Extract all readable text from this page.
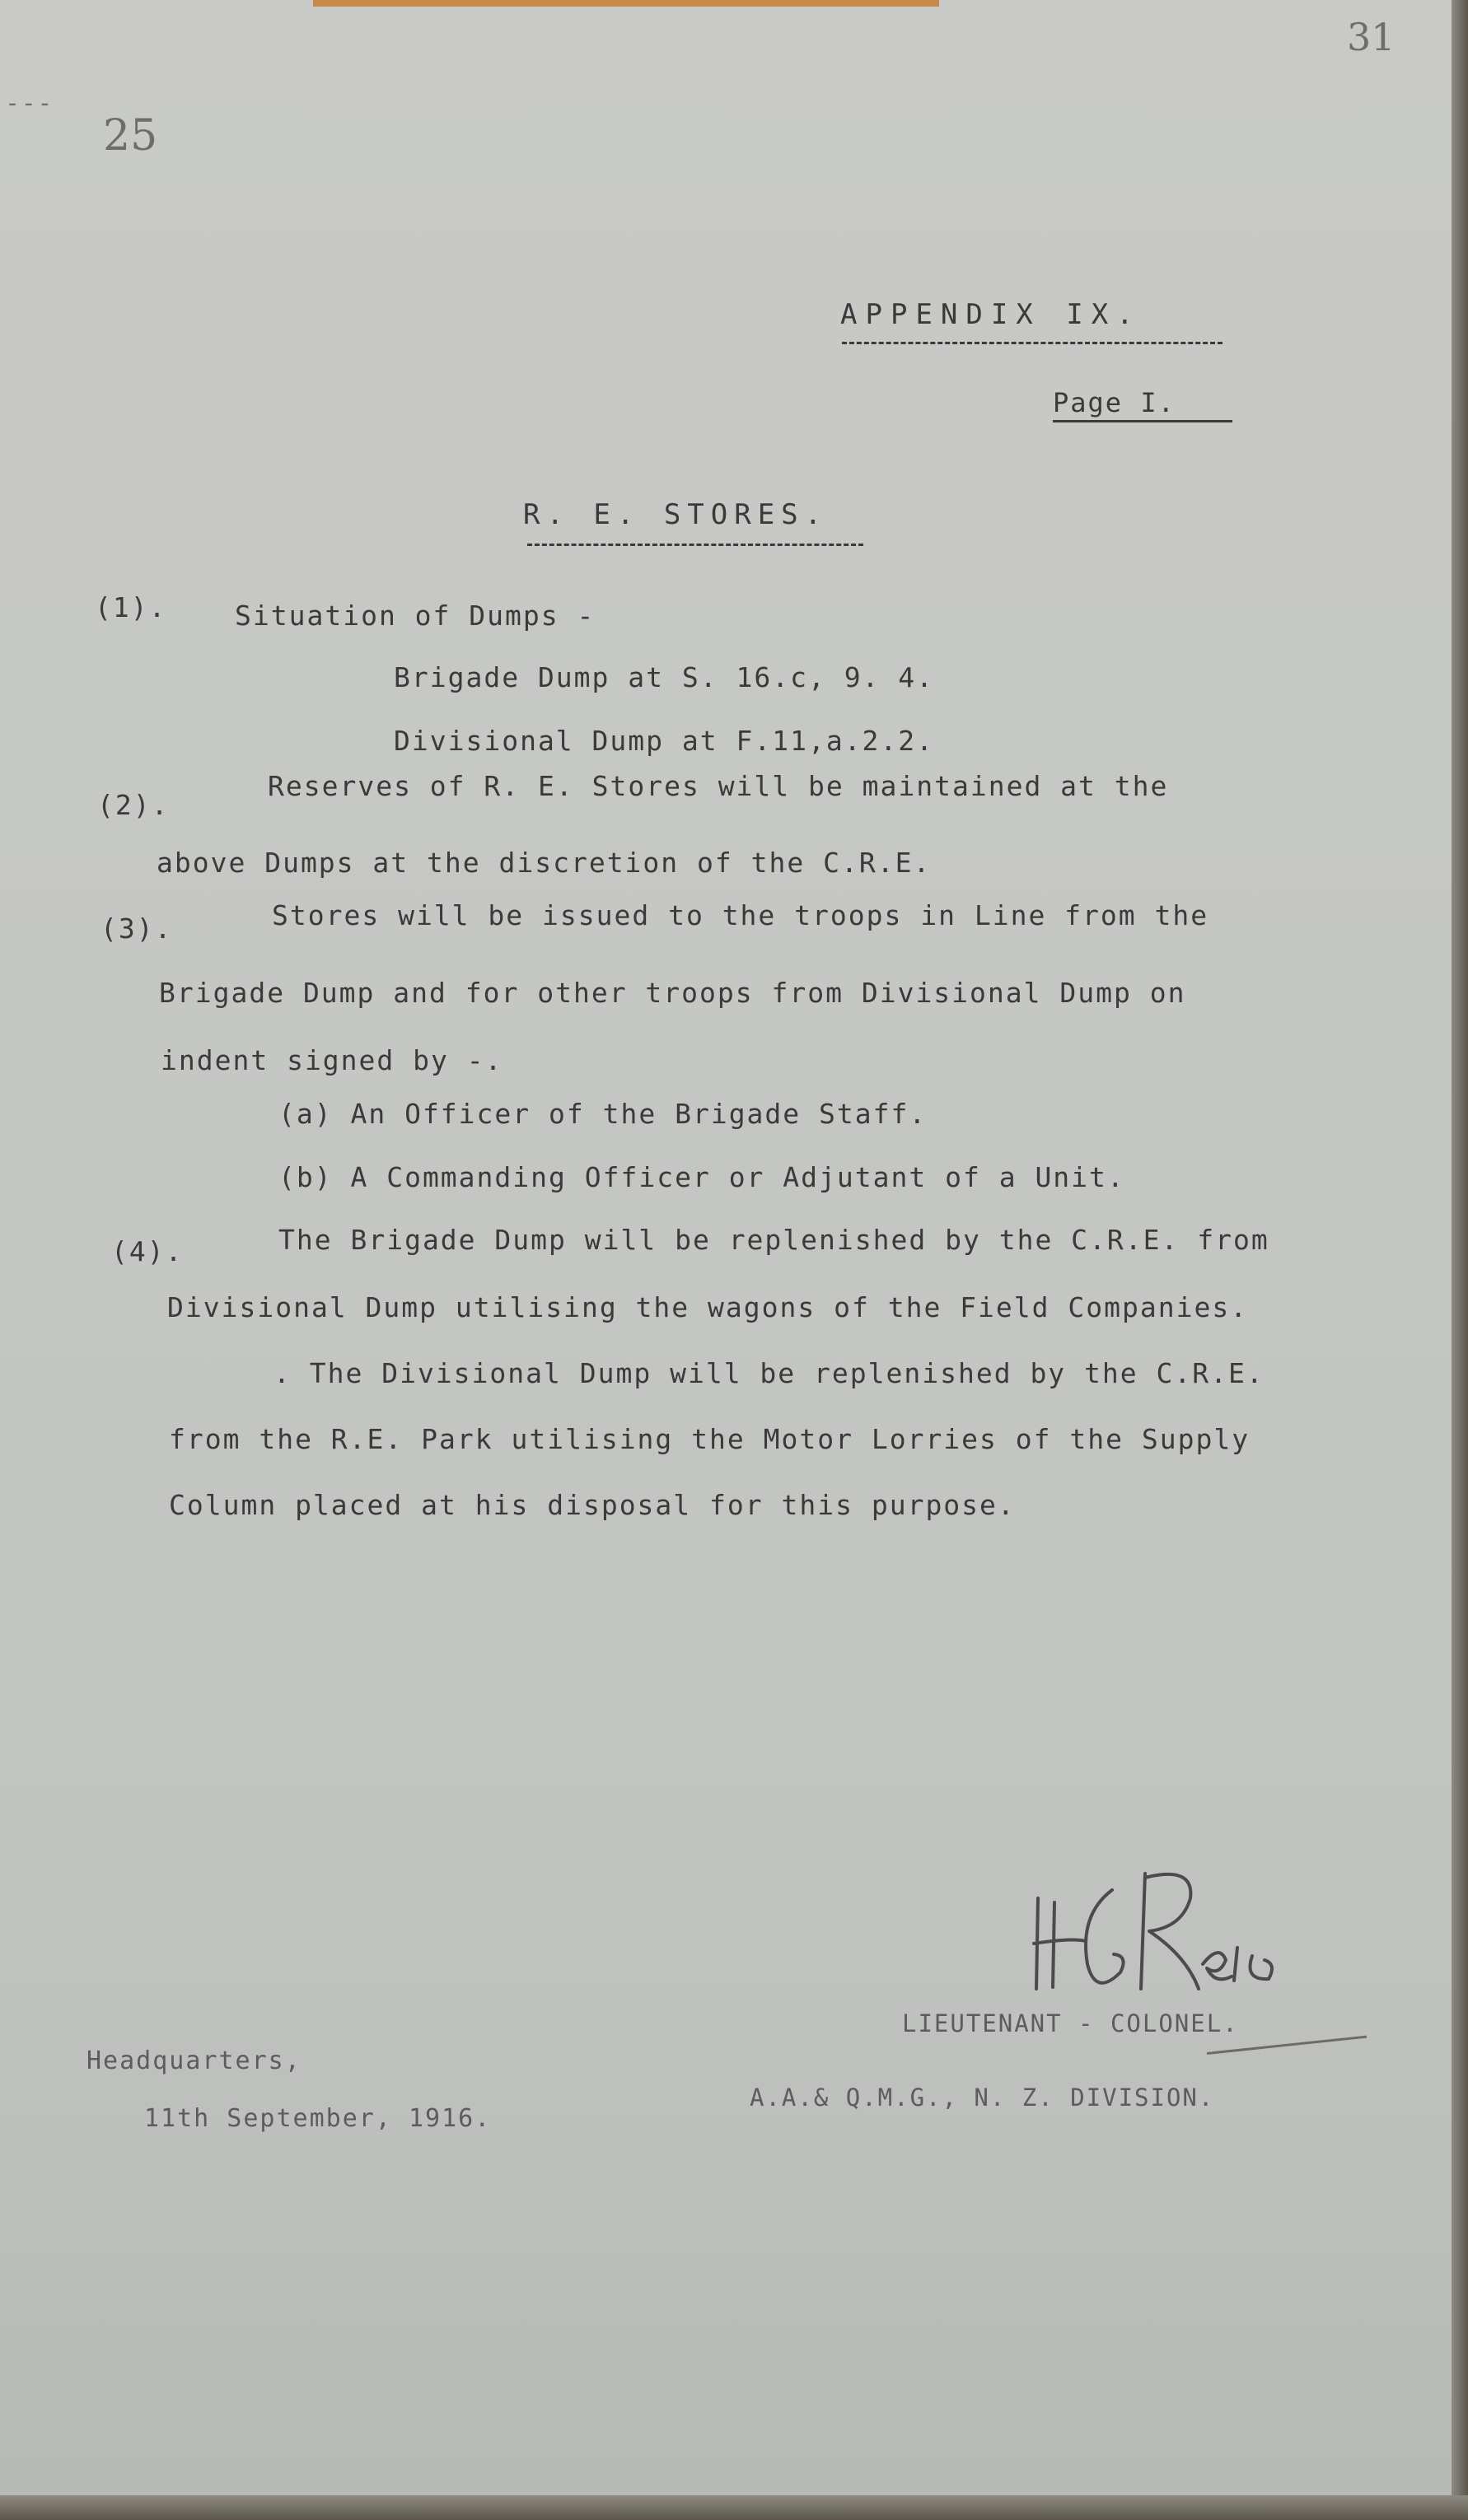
31
- - -
25
APPENDIX IX.
Page I.
R. E. STORES.
(1).	Situation of Dumps -
Brigade Dump at S. 16.c, 9. 4.
Divisional Dump at F.11,a.2.2.
(2).
Reserves of R. E. Stores will be maintained at the
above Dumps at the discretion of the C.R.E.
(3).	Stores will be issued to the troops in Line from the
Brigade Dump and for other troops from Divisional Dump on
indent signed by -.
(a) An Officer of the Brigade Staff.
(b) A Commanding Officer or Adjutant of a Unit.
(4).	The Brigade Dump will be replenished by the C.R.E. from
Divisional Dump utilising the wagons of the Field Companies.
. The Divisional Dump will be replenished by the C.R.E.
from the R.E. Park utilising the Motor Lorries of the Supply
Column placed at his disposal for this purpose.
LIEUTENANT - COLONEL.
A.A.& Q.M.G., N. Z. DIVISION.
Headquarters,
11th September, 1916.
